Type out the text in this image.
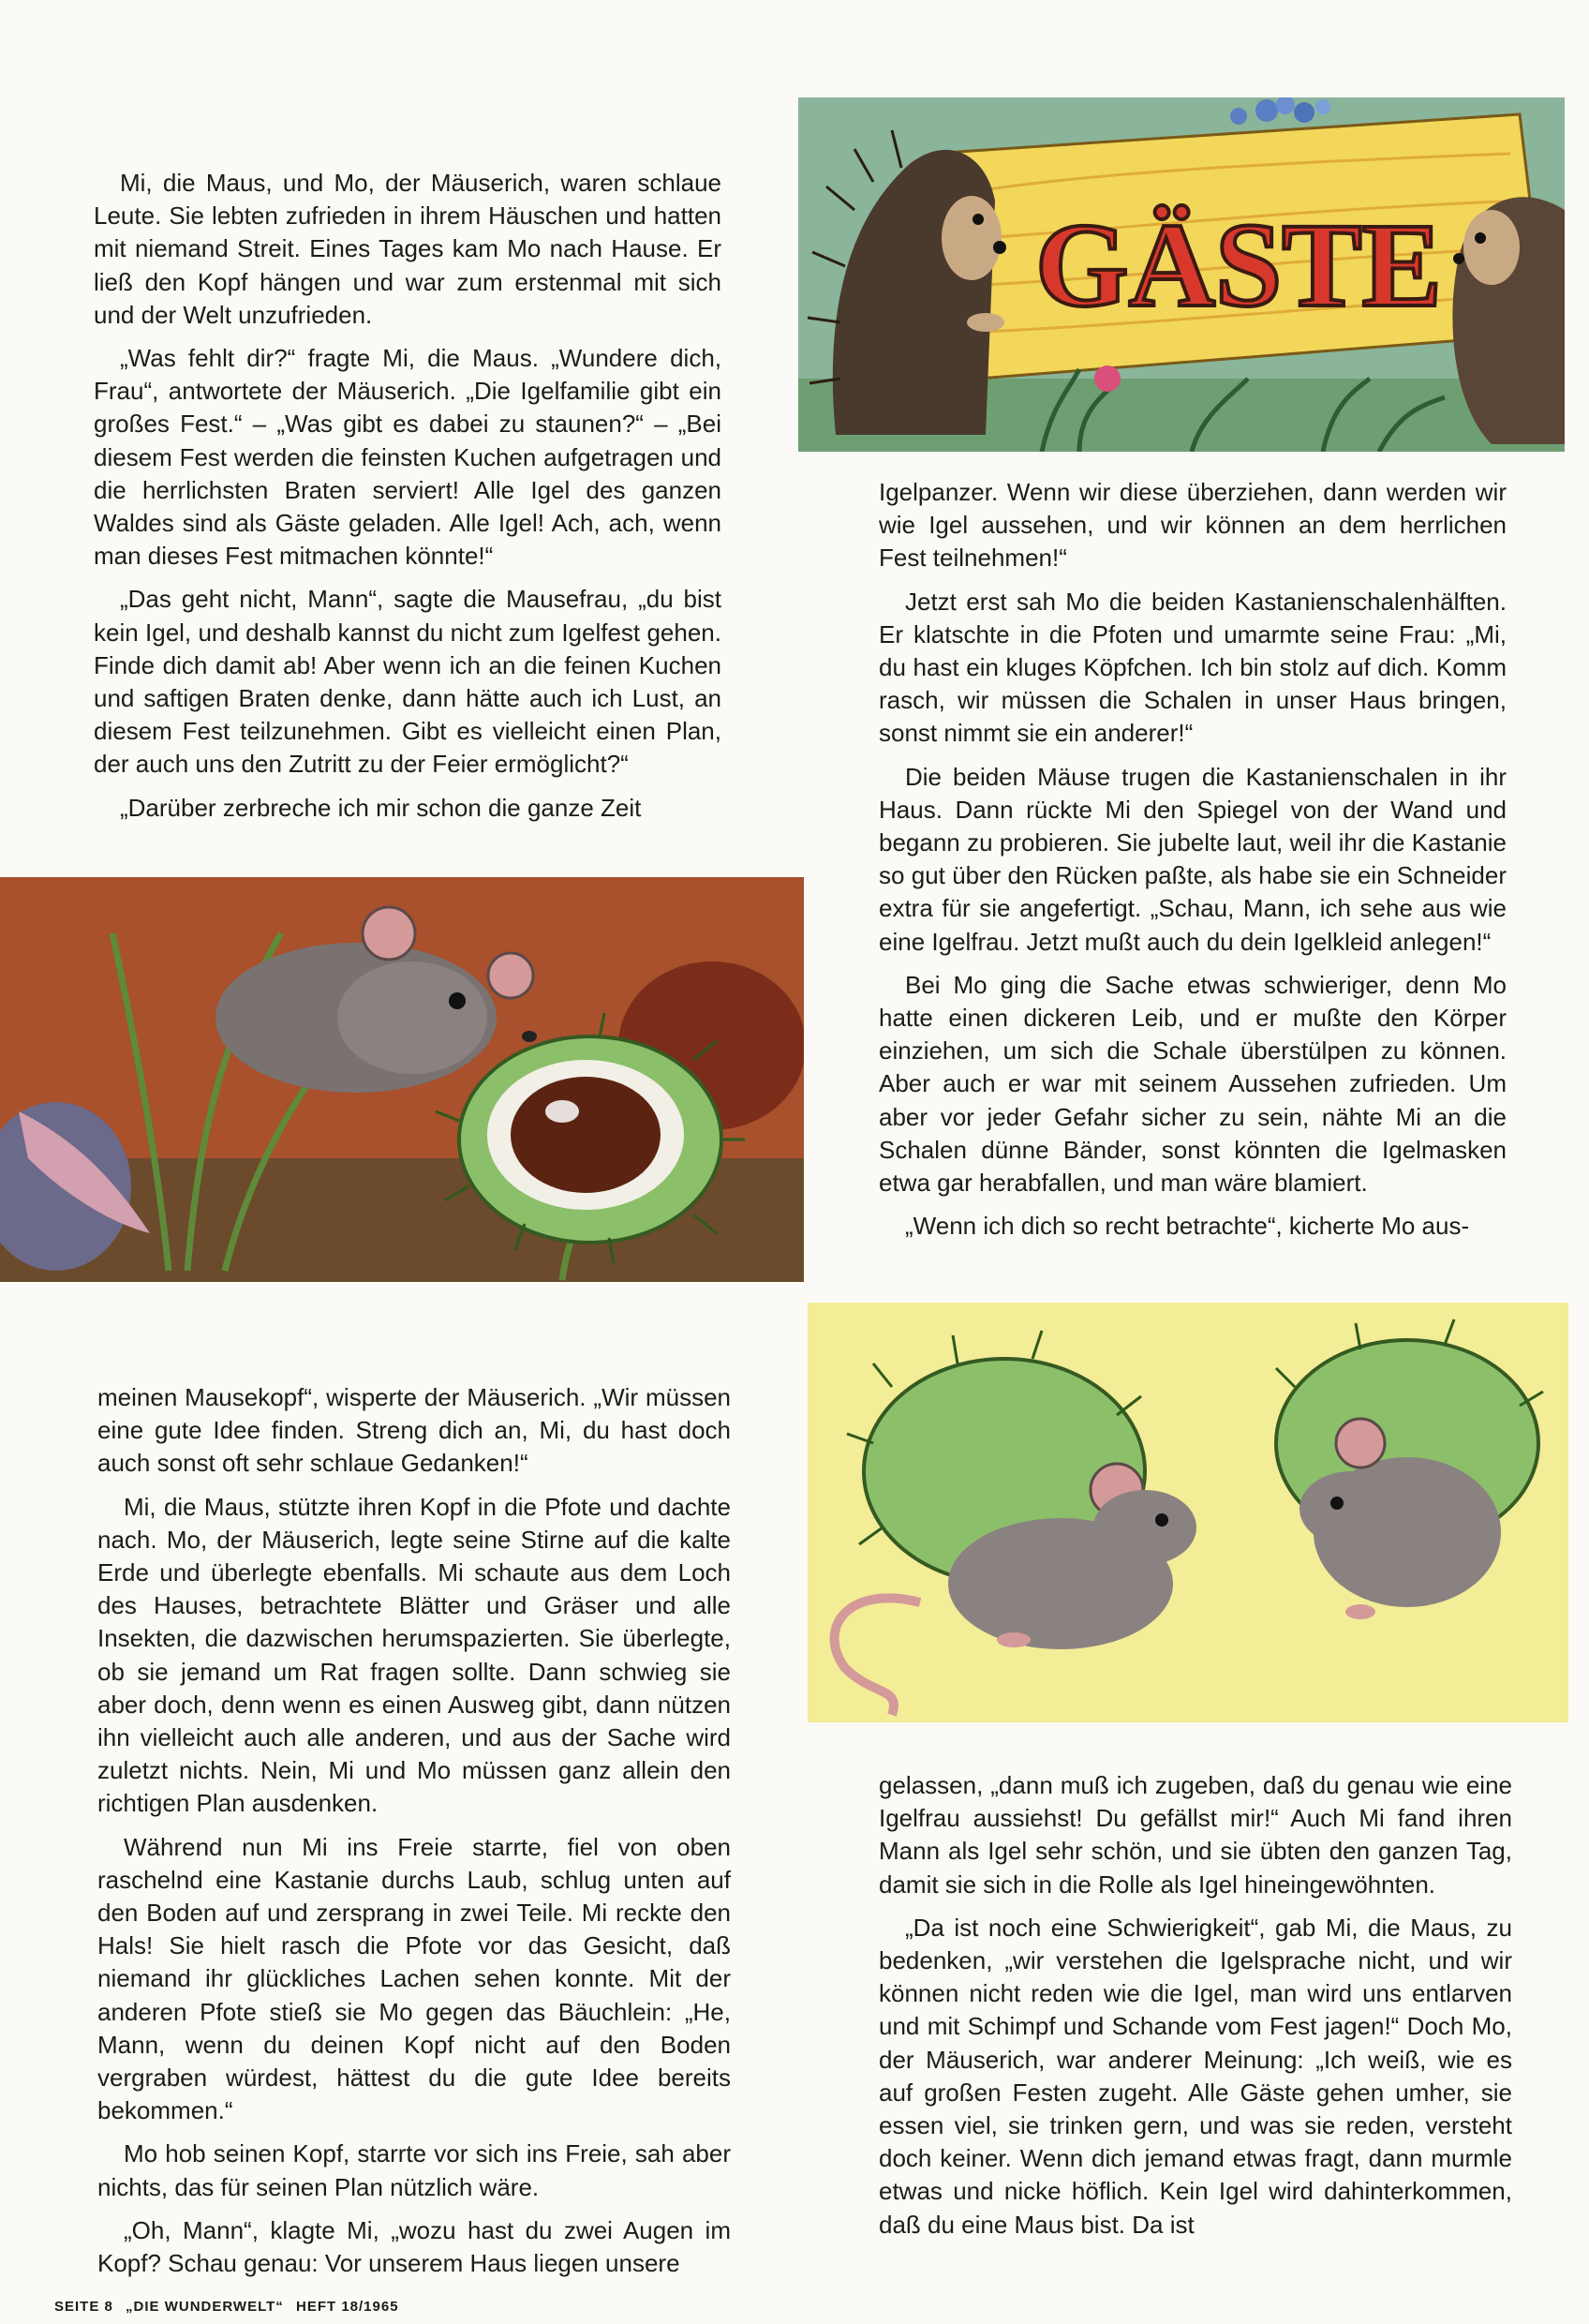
Mi, die Maus, und Mo, der Mäuserich, waren schlaue Leute. Sie lebten zufrieden in ihrem Häuschen und hatten mit niemand Streit. Eines Tages kam Mo nach Hause. Er ließ den Kopf hängen und war zum erstenmal mit sich und der Welt unzufrieden.

„Was fehlt dir?“ fragte Mi, die Maus. „Wundere dich, Frau“, antwortete der Mäuserich. „Die Igelfamilie gibt ein großes Fest.“ – „Was gibt es dabei zu staunen?“ – „Bei diesem Fest werden die feinsten Kuchen aufgetragen und die herrlichsten Braten serviert! Alle Igel des ganzen Waldes sind als Gäste geladen. Alle Igel! Ach, ach, wenn man dieses Fest mitmachen könnte!“

„Das geht nicht, Mann“, sagte die Mausefrau, „du bist kein Igel, und deshalb kannst du nicht zum Igelfest gehen. Finde dich damit ab! Aber wenn ich an die feinen Kuchen und saftigen Braten denke, dann hätte auch ich Lust, an diesem Fest teilzunehmen. Gibt es vielleicht einen Plan, der auch uns den Zutritt zu der Feier ermöglicht?“

„Darüber zerbreche ich mir schon die ganze Zeit

Igelpanzer. Wenn wir diese überziehen, dann werden wir wie Igel aussehen, und wir können an dem herrlichen Fest teilnehmen!“

Jetzt erst sah Mo die beiden Kastanienschalenhälften. Er klatschte in die Pfoten und umarmte seine Frau: „Mi, du hast ein kluges Köpfchen. Ich bin stolz auf dich. Komm rasch, wir müssen die Schalen in unser Haus bringen, sonst nimmt sie ein anderer!“

Die beiden Mäuse trugen die Kastanienschalen in ihr Haus. Dann rückte Mi den Spiegel von der Wand und begann zu probieren. Sie jubelte laut, weil ihr die Kastanie so gut über den Rücken paßte, als habe sie ein Schneider extra für sie angefertigt. „Schau, Mann, ich sehe aus wie eine Igelfrau. Jetzt mußt auch du dein Igelkleid anlegen!“

Bei Mo ging die Sache etwas schwieriger, denn Mo hatte einen dickeren Leib, und er mußte den Körper einziehen, um sich die Schale überstülpen zu können. Aber auch er war mit seinem Aussehen zufrieden. Um aber vor jeder Gefahr sicher zu sein, nähte Mi an die Schalen dünne Bänder, sonst könnten die Igelmasken etwa gar herabfallen, und man wäre blamiert.

„Wenn ich dich so recht betrachte“, kicherte Mo aus-

meinen Mausekopf“, wisperte der Mäuserich. „Wir müssen eine gute Idee finden. Streng dich an, Mi, du hast doch auch sonst oft sehr schlaue Gedanken!“

Mi, die Maus, stützte ihren Kopf in die Pfote und dachte nach. Mo, der Mäuserich, legte seine Stirne auf die kalte Erde und überlegte ebenfalls. Mi schaute aus dem Loch des Hauses, betrachtete Blätter und Gräser und alle Insekten, die dazwischen herumspazierten. Sie überlegte, ob sie jemand um Rat fragen sollte. Dann schwieg sie aber doch, denn wenn es einen Ausweg gibt, dann nützen ihn vielleicht auch alle anderen, und aus der Sache wird zuletzt nichts. Nein, Mi und Mo müssen ganz allein den richtigen Plan ausdenken.

Während nun Mi ins Freie starrte, fiel von oben raschelnd eine Kastanie durchs Laub, schlug unten auf den Boden auf und zersprang in zwei Teile. Mi reckte den Hals! Sie hielt rasch die Pfote vor das Gesicht, daß niemand ihr glückliches Lachen sehen konnte. Mit der anderen Pfote stieß sie Mo gegen das Bäuchlein: „He, Mann, wenn du deinen Kopf nicht auf den Boden vergraben würdest, hättest du die gute Idee bereits bekommen.“

Mo hob seinen Kopf, starrte vor sich ins Freie, sah aber nichts, das für seinen Plan nützlich wäre.

„Oh, Mann“, klagte Mi, „wozu hast du zwei Augen im Kopf? Schau genau: Vor unserem Haus liegen unsere

gelassen, „dann muß ich zugeben, daß du genau wie eine Igelfrau aussiehst! Du gefällst mir!“ Auch Mi fand ihren Mann als Igel sehr schön, und sie übten den ganzen Tag, damit sie sich in die Rolle als Igel hineingewöhnten.

„Da ist noch eine Schwierigkeit“, gab Mi, die Maus, zu bedenken, „wir verstehen die Igelsprache nicht, und wir können nicht reden wie die Igel, man wird uns entlarven und mit Schimpf und Schande vom Fest jagen!“ Doch Mo, der Mäuserich, war anderer Meinung: „Ich weiß, wie es auf großen Festen zugeht. Alle Gäste gehen umher, sie essen viel, sie trinken gern, und was sie reden, versteht doch keiner. Wenn dich jemand etwas fragt, dann murmle etwas und nicke höflich. Kein Igel wird dahinterkommen, daß du eine Maus bist. Da ist

GÄSTE
SEITE 8 „DIE WUNDERWELT“ HEFT 18/1965
